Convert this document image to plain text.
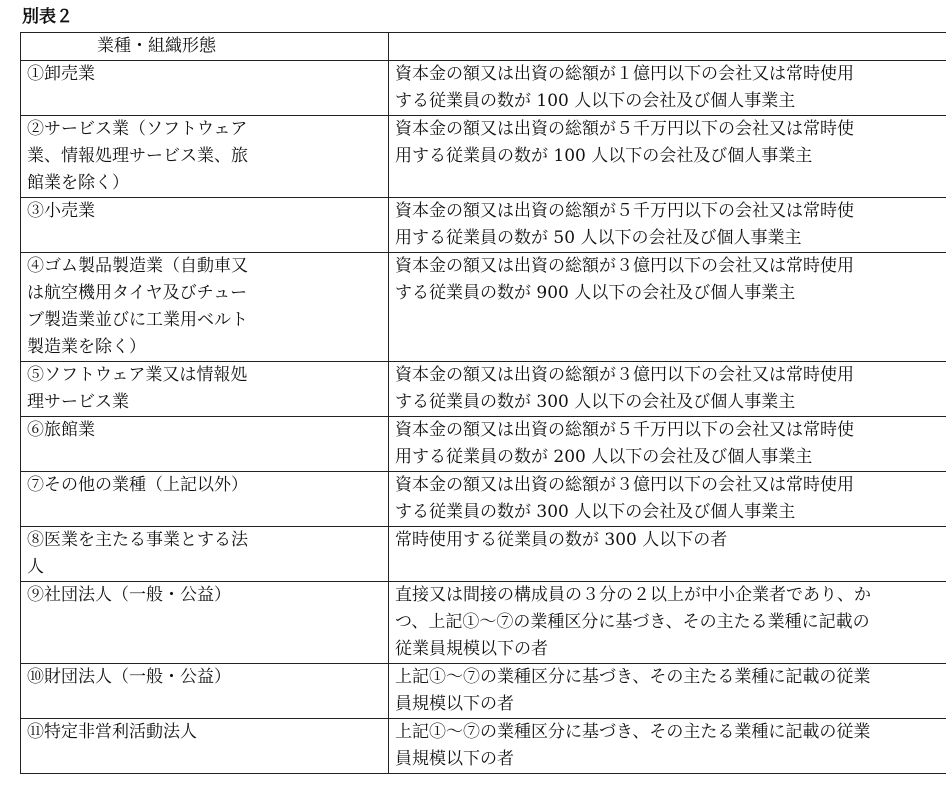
別表２
業種・組織形態	
①卸売業	資本金の額又は出資の総額が１億円以下の会社又は常時使用
する従業員の数が 100 人以下の会社及び個人事業主
②サービス業（ソフトウェア
業、情報処理サービス業、旅
館業を除く）	資本金の額又は出資の総額が５千万円以下の会社又は常時使
用する従業員の数が 100 人以下の会社及び個人事業主
③小売業	資本金の額又は出資の総額が５千万円以下の会社又は常時使
用する従業員の数が 50 人以下の会社及び個人事業主
④ゴム製品製造業（自動車又
は航空機用タイヤ及びチュー
ブ製造業並びに工業用ベルト
製造業を除く）	資本金の額又は出資の総額が３億円以下の会社又は常時使用
する従業員の数が 900 人以下の会社及び個人事業主
⑤ソフトウェア業又は情報処
理サービス業	資本金の額又は出資の総額が３億円以下の会社又は常時使用
する従業員の数が 300 人以下の会社及び個人事業主
⑥旅館業	資本金の額又は出資の総額が５千万円以下の会社又は常時使
用する従業員の数が 200 人以下の会社及び個人事業主
⑦その他の業種（上記以外）	資本金の額又は出資の総額が３億円以下の会社又は常時使用
する従業員の数が 300 人以下の会社及び個人事業主
⑧医業を主たる事業とする法
人	常時使用する従業員の数が 300 人以下の者
⑨社団法人（一般・公益）	直接又は間接の構成員の３分の２以上が中小企業者であり、か
つ、上記①～⑦の業種区分に基づき、その主たる業種に記載の
従業員規模以下の者
⑩財団法人（一般・公益）	上記①～⑦の業種区分に基づき、その主たる業種に記載の従業
員規模以下の者
⑪特定非営利活動法人	上記①～⑦の業種区分に基づき、その主たる業種に記載の従業
員規模以下の者
